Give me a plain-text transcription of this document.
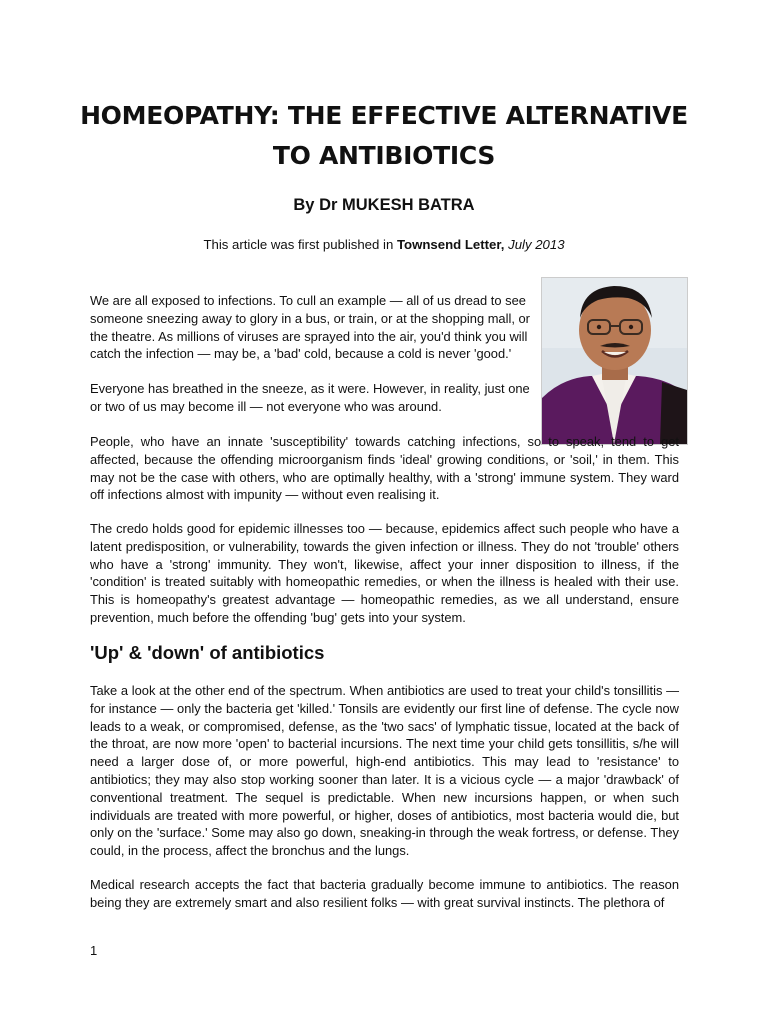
HOMEOPATHY: THE EFFECTIVE ALTERNATIVE
TO ANTIBIOTICS
By Dr MUKESH BATRA
This article was first published in Townsend Letter, July 2013

We are all exposed to infections. To cull an example — all of us dread to see someone sneezing away to glory in a bus, or train, or at the shopping mall, or the theatre. As millions of viruses are sprayed into the air, you'd think you will catch the infection — may be, a 'bad' cold, because a cold is never 'good.'

Everyone has breathed in the sneeze, as it were. However, in reality, just one or two of us may become ill — not everyone who was around.

People, who have an innate 'susceptibility' towards catching infections, so to speak, tend to get affected, because the offending microorganism finds 'ideal' growing conditions, or 'soil,' in them. This may not be the case with others, who are optimally healthy, with a 'strong' immune system. They ward off infections almost with impunity — without even realising it.

The credo holds good for epidemic illnesses too — because, epidemics affect such people who have a latent predisposition, or vulnerability, towards the given infection or illness. They do not 'trouble' others who have a 'strong' immunity. They won't, likewise, affect your inner disposition to illness, if the 'condition' is treated suitably with homeopathic remedies, or when the illness is healed with their use. This is homeopathy's greatest advantage — homeopathic remedies, as we all understand, ensure prevention, much before the offending 'bug' gets into your system.

'Up' & 'down' of antibiotics

Take a look at the other end of the spectrum. When antibiotics are used to treat your child's tonsillitis — for instance — only the bacteria get 'killed.' Tonsils are evidently our first line of defense. The cycle now leads to a weak, or compromised, defense, as the 'two sacs' of lymphatic tissue, located at the back of the throat, are now more 'open' to bacterial incursions. The next time your child gets tonsillitis, s/he will need a larger dose of, or more powerful, high-end antibiotics. This may lead to 'resistance' to antibiotics; they may also stop working sooner than later. It is a vicious cycle — a major 'drawback' of conventional treatment. The sequel is predictable. When new incursions happen, or when such individuals are treated with more powerful, or higher, doses of antibiotics, most bacteria would die, but only on the 'surface.' Some may also go down, sneaking-in through the weak fortress, or defense. They could, in the process, affect the bronchus and the lungs.

Medical research accepts the fact that bacteria gradually become immune to antibiotics. The reason being they are extremely smart and also resilient folks — with great survival instincts. The plethora of

1
